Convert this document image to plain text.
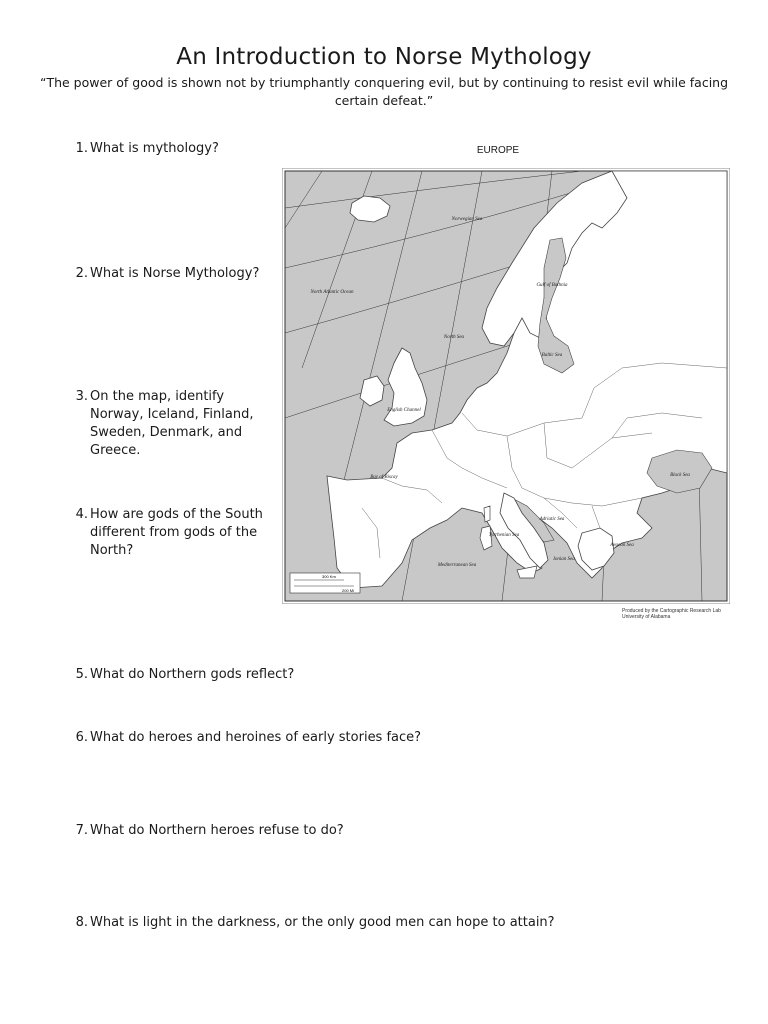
An Introduction to Norse Mythology
“The power of good is shown not by triumphantly conquering evil, but by continuing to resist evil while facing certain defeat.”
1. What is mythology?
2. What is Norse Mythology?
3. On the map, identify Norway, Iceland, Finland, Sweden, Denmark, and Greece.
4. How are gods of the South different from gods of the North?
5. What do Northern gods reflect?
6. What do heroes and heroines of early stories face?
7. What do Northern heroes refuse to do?
8. What is light in the darkness, or the only good men can hope to attain?
EUROPE
Norwegian Sea
North Atlantic Ocean
Gulf of Bothnia
North Sea
Baltic Sea
English Channel
Bay of Biscay	Black Sea
Adriatic Sea
Tyrrhenian Sea
Ionian Sea
Aegean Sea
Mediterranean Sea
300 Km
200 Mi
Produced by the Cartographic Research Lab
University of Alabama
